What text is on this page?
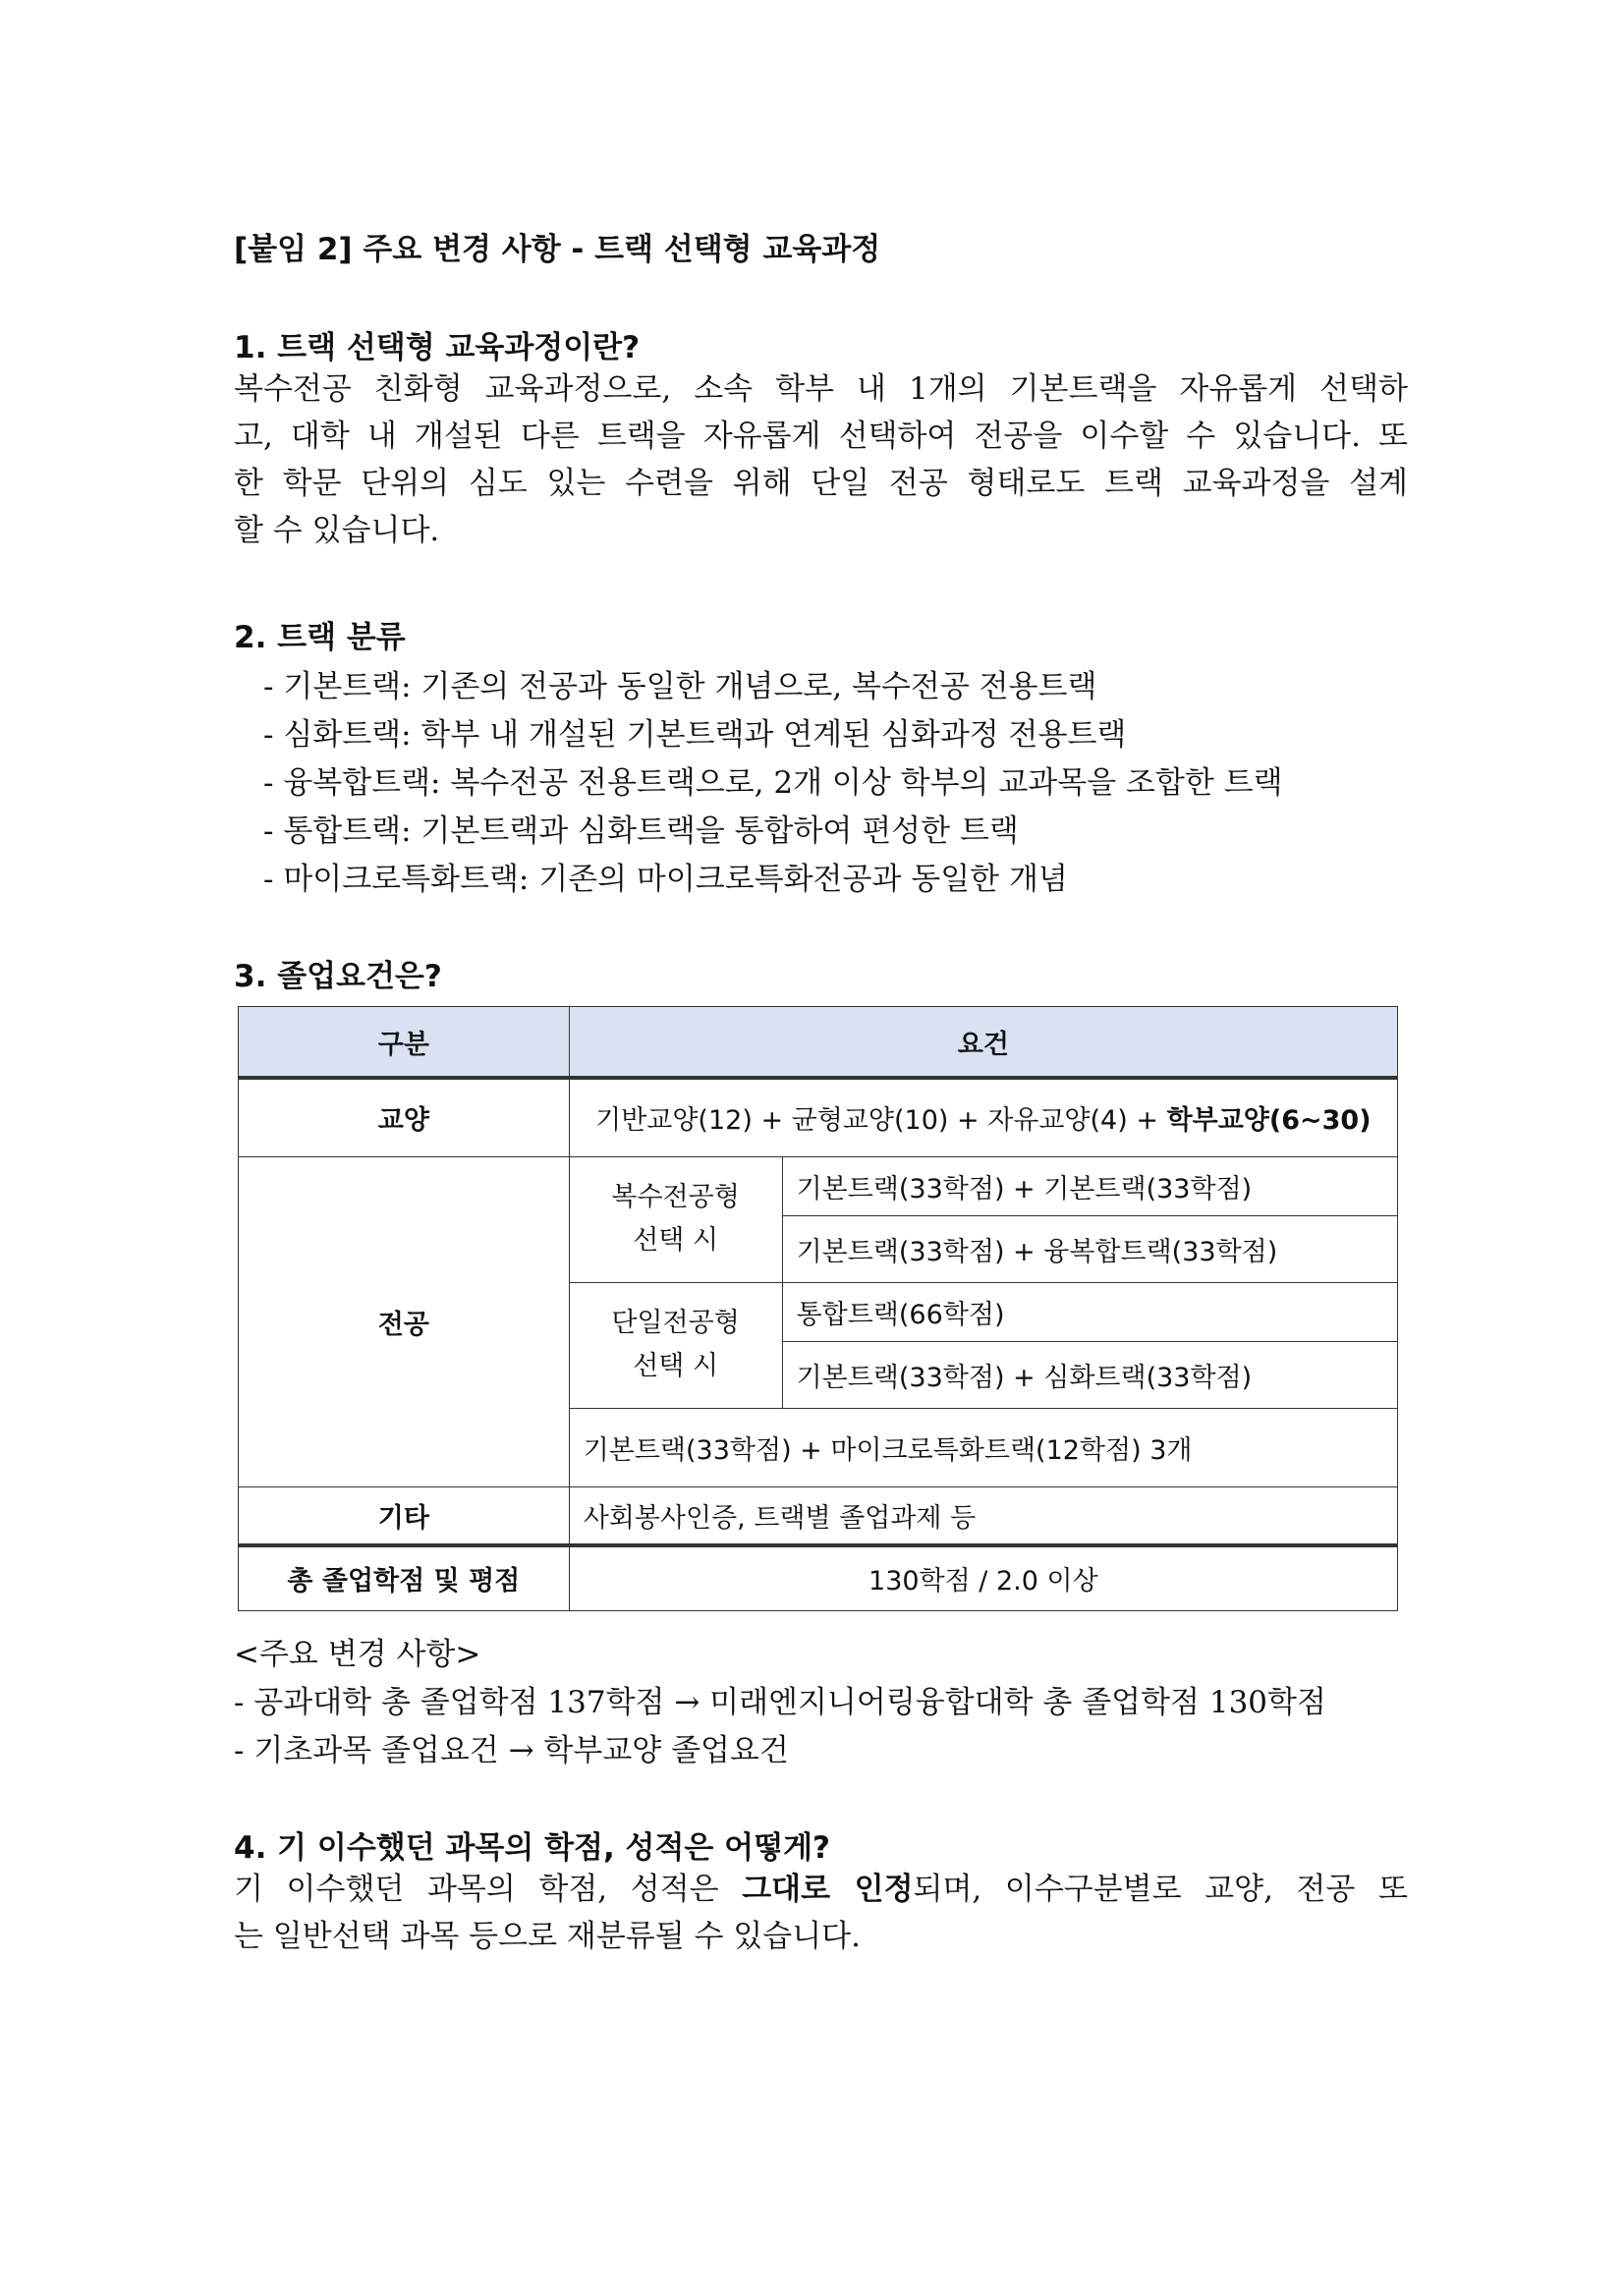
[붙임 2] 주요 변경 사항 - 트랙 선택형 교육과정
1. 트랙 선택형 교육과정이란?
복수전공 친화형 교육과정으로, 소속 학부 내 1개의 기본트랙을 자유롭게 선택하
고, 대학 내 개설된 다른 트랙을 자유롭게 선택하여 전공을 이수할 수 있습니다. 또
한 학문 단위의 심도 있는 수련을 위해 단일 전공 형태로도 트랙 교육과정을 설계
할 수 있습니다.
2. 트랙 분류
- 기본트랙: 기존의 전공과 동일한 개념으로, 복수전공 전용트랙
- 심화트랙: 학부 내 개설된 기본트랙과 연계된 심화과정 전용트랙
- 융복합트랙: 복수전공 전용트랙으로, 2개 이상 학부의 교과목을 조합한 트랙
- 통합트랙: 기본트랙과 심화트랙을 통합하여 편성한 트랙
- 마이크로특화트랙: 기존의 마이크로특화전공과 동일한 개념
3. 졸업요건은?
구분	요건	
교양	기반교양(12) + 균형교양(10) + 자유교양(4) + 학부교양(6~30)	
전공	복수전공형 선택 시	기본트랙(33학점) + 기본트랙(33학점)
		기본트랙(33학점) + 융복합트랙(33학점)
	단일전공형 선택 시	통합트랙(66학점)
		기본트랙(33학점) + 심화트랙(33학점)
	기본트랙(33학점) + 마이크로특화트랙(12학점) 3개	
기타	사회봉사인증, 트랙별 졸업과제 등	
총 졸업학점 및 평점	130학점 / 2.0 이상	
<주요 변경 사항>
- 공과대학 총 졸업학점 137학점 → 미래엔지니어링융합대학 총 졸업학점 130학점
- 기초과목 졸업요건 → 학부교양 졸업요건
4. 기 이수했던 과목의 학점, 성적은 어떻게?
기 이수했던 과목의 학점, 성적은 그대로 인정되며, 이수구분별로 교양, 전공 또
는 일반선택 과목 등으로 재분류될 수 있습니다.
